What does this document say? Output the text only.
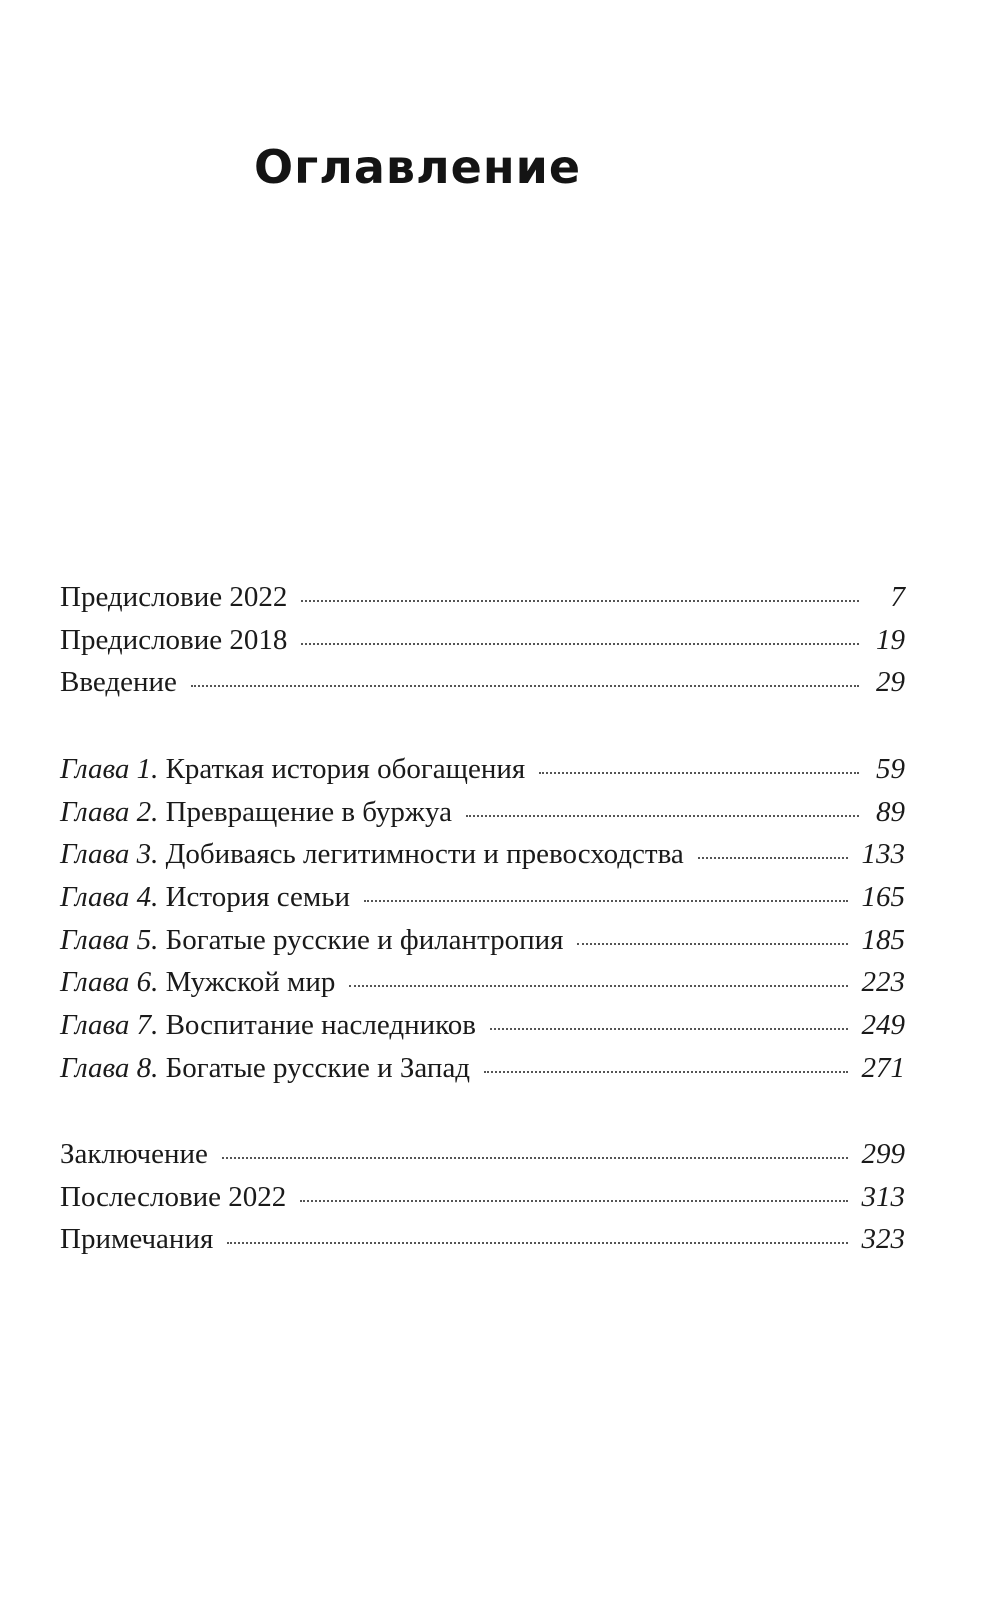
Оглавление
Предисловие 2022	7
Предисловие 2018	19
Введение	29
Глава 1. Краткая история обогащения	59
Глава 2. Превращение в буржуа	89
Глава 3. Добиваясь легитимности и превосходства	133
Глава 4. История семьи	165
Глава 5. Богатые русские и филантропия	185
Глава 6. Мужской мир	223
Глава 7. Воспитание наследников	249
Глава 8. Богатые русские и Запад	271
Заключение	299
Послесловие 2022	313
Примечания	323
